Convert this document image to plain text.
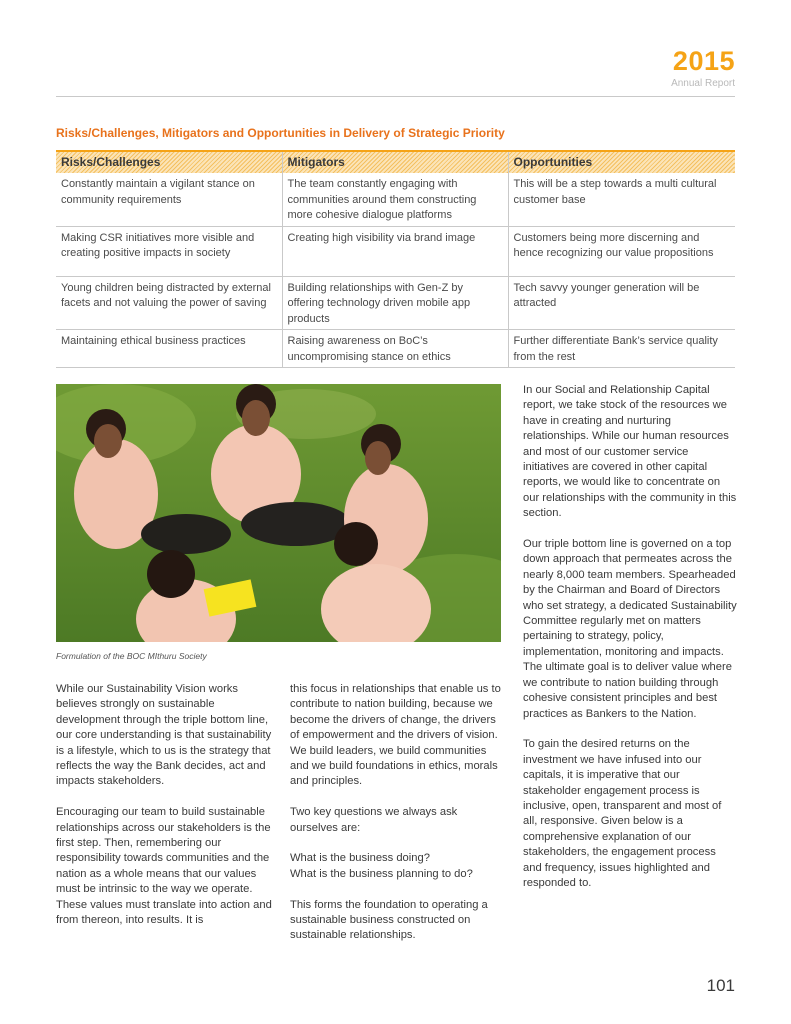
2015
Annual Report
Risks/Challenges, Mitigators and Opportunities in Delivery of Strategic Priority
Risks/Challenges	Mitigators	Opportunities
Constantly maintain a vigilant stance on community requirements	The team constantly engaging with communities around them constructing more cohesive dialogue platforms	This will be a step towards a multi cultural customer base
Making CSR initiatives more visible and creating positive impacts in society	Creating high visibility via brand image	Customers being more discerning and hence recognizing our value propositions
Young children being distracted by external facets and not valuing the power of saving	Building relationships with Gen-Z by offering technology driven mobile app products	Tech savvy younger generation will be attracted
Maintaining ethical business practices	Raising awareness on BoC’s uncompromising stance on ethics	Further differentiate Bank’s service quality from the rest
Formulation of the BOC MIthuru Society

While our Sustainability Vision works believes strongly on sustainable development through the triple bottom line, our core understanding is that sustainability is a lifestyle, which to us is the strategy that reflects the way the Bank decides, act and impacts stakeholders.

Encouraging our team to build sustainable relationships across our stakeholders is the first step. Then, remembering our responsibility towards communities and the nation as a whole means that our values must be intrinsic to the way we operate. These values must translate into action and from thereon, into results. It is

this focus in relationships that enable us to contribute to nation building, because we become the drivers of change, the drivers of empowerment and the drivers of vision. We build leaders, we build communities and we build foundations in ethics, morals and principles.

Two key questions we always ask ourselves are:

What is the business doing?

What is the business planning to do?

This forms the foundation to operating a sustainable business constructed on sustainable relationships.

In our Social and Relationship Capital report, we take stock of the resources we have in creating and nurturing relationships. While our human resources and most of our customer service initiatives are covered in other capital reports, we would like to concentrate on our relationships with the community in this section.

Our triple bottom line is governed on a top down approach that permeates across the nearly 8,000 team members. Spearheaded by the Chairman and Board of Directors who set strategy, a dedicated Sustainability Committee regularly met on matters pertaining to strategy, policy, implementation, monitoring and impacts. The ultimate goal is to deliver value where we contribute to nation building through cohesive consistent principles and best practices as Bankers to the Nation.

To gain the desired returns on the investment we have infused into our capitals, it is imperative that our stakeholder engagement process is inclusive, open, transparent and most of all, responsive. Given below is a comprehensive explanation of our stakeholders, the engagement process and frequency, issues highlighted and responded to.

101
